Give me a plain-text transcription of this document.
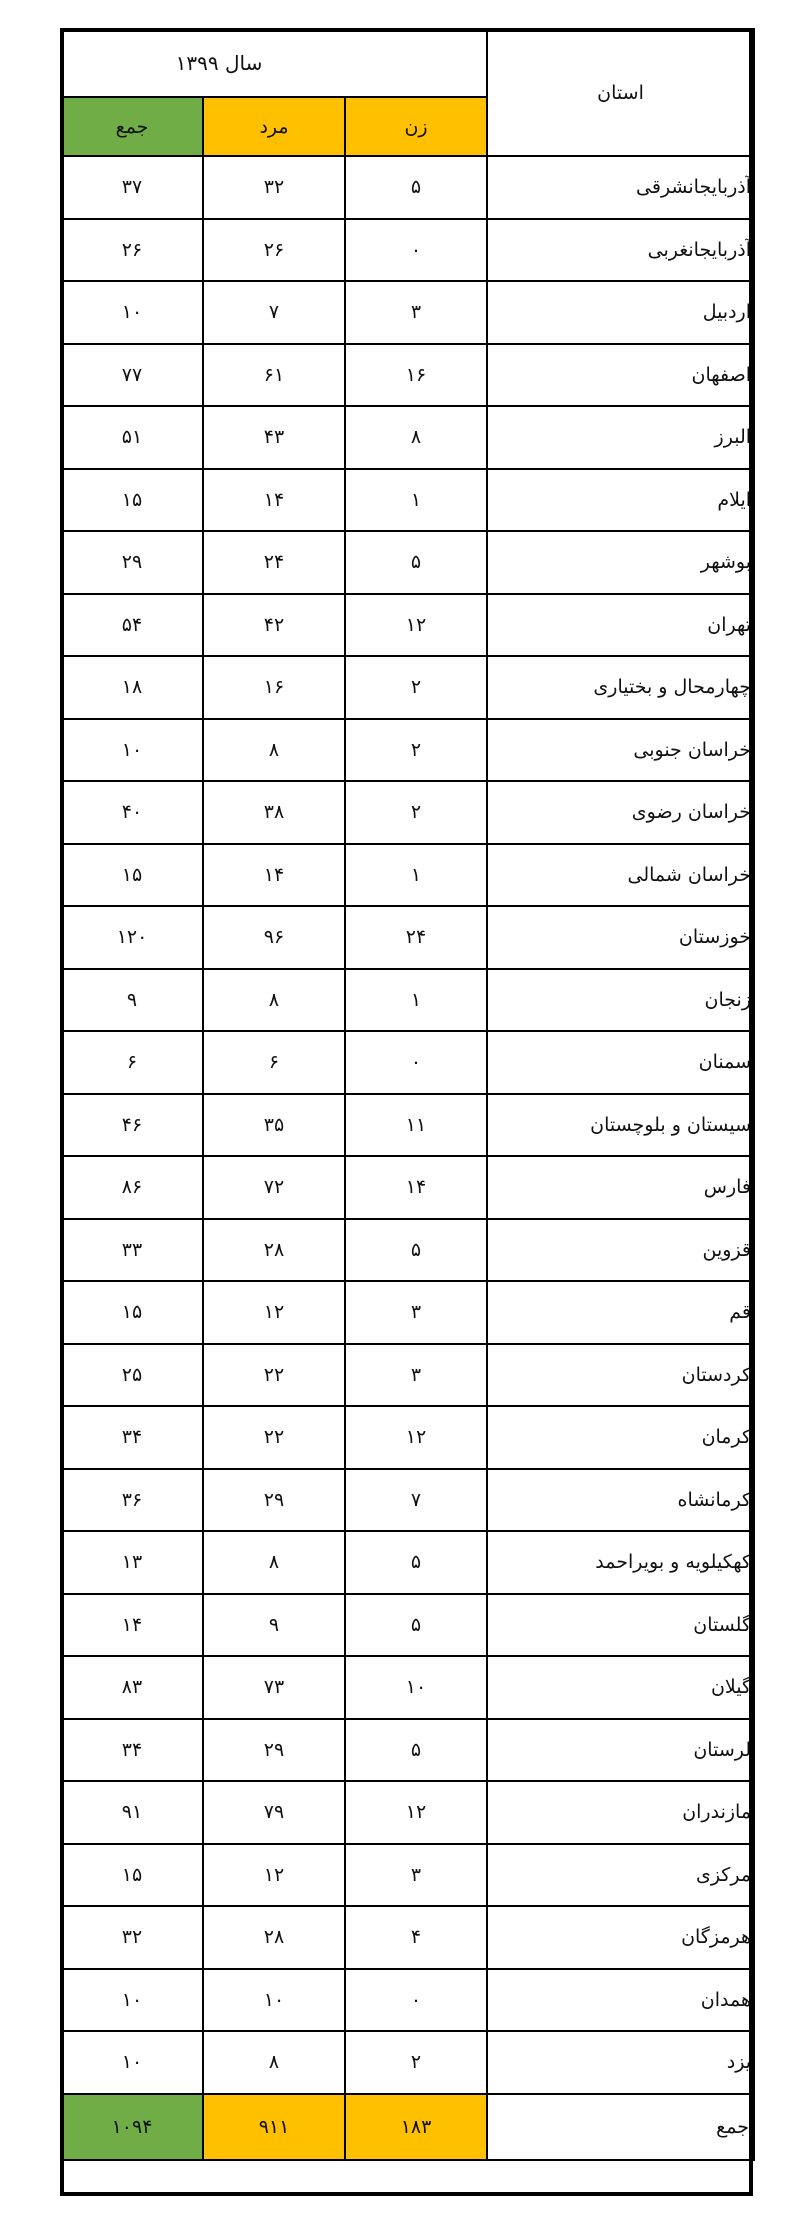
استان	سال ۱۳۹۹		
	زن	مرد	جمع
آذربایجانشرقی	۵	۳۲	۳۷
آذربایجانغربی	۰	۲۶	۲۶
اردبیل	۳	۷	۱۰
اصفهان	۱۶	۶۱	۷۷
البرز	۸	۴۳	۵۱
ایلام	۱	۱۴	۱۵
بوشهر	۵	۲۴	۲۹
تهران	۱۲	۴۲	۵۴
چهارمحال و بختیاری	۲	۱۶	۱۸
خراسان جنوبی	۲	۸	۱۰
خراسان رضوی	۲	۳۸	۴۰
خراسان شمالی	۱	۱۴	۱۵
خوزستان	۲۴	۹۶	۱۲۰
زنجان	۱	۸	۹
سمنان	۰	۶	۶
سیستان و بلوچستان	۱۱	۳۵	۴۶
فارس	۱۴	۷۲	۸۶
قزوین	۵	۲۸	۳۳
قم	۳	۱۲	۱۵
کردستان	۳	۲۲	۲۵
کرمان	۱۲	۲۲	۳۴
کرمانشاه	۷	۲۹	۳۶
کهکیلویه و بویراحمد	۵	۸	۱۳
گلستان	۵	۹	۱۴
گیلان	۱۰	۷۳	۸۳
لرستان	۵	۲۹	۳۴
مازندران	۱۲	۷۹	۹۱
مرکزی	۳	۱۲	۱۵
هرمزگان	۴	۲۸	۳۲
همدان	۰	۱۰	۱۰
یزد	۲	۸	۱۰
جمع	۱۸۳	۹۱۱	۱۰۹۴
